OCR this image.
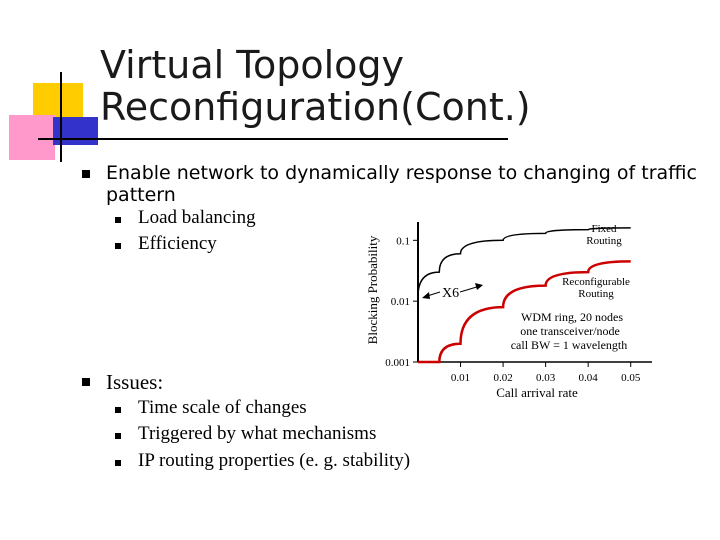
Virtual Topology
Reconfiguration(Cont.)
Enable network to dynamically response to changing of traffic
pattern
Load balancing
Efficiency
Issues:
Time scale of changes
Triggered by what mechanisms
IP routing properties (e. g. stability)
0.1
0.01
0.001
0.01 0.02 0.03 0.04 0.05
Blocking Probability
Call arrival rate
Fixed
Routing
Reconfigurable
Routing
X6
WDM ring, 20 nodes
one transceiver/node
call BW = 1 wavelength
